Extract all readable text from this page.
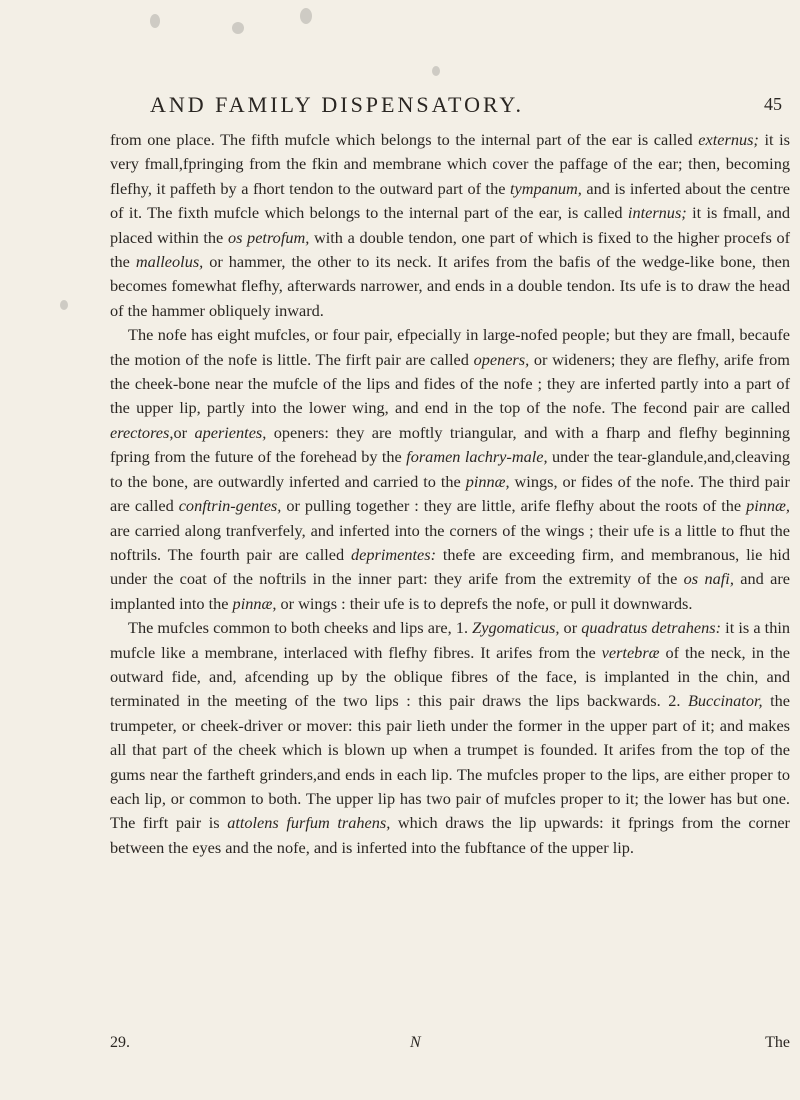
AND FAMILY DISPENSATORY.	45

from one place. The fifth mufcle which belongs to the internal part of the ear is called externus; it is very fmall,fpringing from the fkin and membrane which cover the paffage of the ear; then, becoming flefhy, it paffeth by a fhort tendon to the outward part of the tympanum, and is inferted about the centre of it. The fixth mufcle which belongs to the internal part of the ear, is called internus; it is fmall, and placed within the os petrofum, with a double tendon, one part of which is fixed to the higher procefs of the malleolus, or hammer, the other to its neck. It arifes from the bafis of the wedge-like bone, then becomes fomewhat flefhy, afterwards narrower, and ends in a double tendon. Its ufe is to draw the head of the hammer obliquely inward.

The nofe has eight mufcles, or four pair, efpecially in large-nofed people; but they are fmall, becaufe the motion of the nofe is little. The firft pair are called openers, or wideners; they are flefhy, arife from the cheek-bone near the mufcle of the lips and fides of the nofe ; they are inferted partly into a part of the upper lip, partly into the lower wing, and end in the top of the nofe. The fecond pair are called erectores,or aperientes, openers: they are moftly triangular, and with a fharp and flefhy beginning fpring from the future of the forehead by the foramen lachry-male, under the tear-glandule,and,cleaving to the bone, are outwardly inferted and carried to the pinnæ, wings, or fides of the nofe. The third pair are called conftrin-gentes, or pulling together : they are little, arife flefhy about the roots of the pinnæ, are carried along tranfverfely, and inferted into the corners of the wings ; their ufe is a little to fhut the noftrils. The fourth pair are called deprimentes: thefe are exceeding firm, and membranous, lie hid under the coat of the noftrils in the inner part: they arife from the extremity of the os nafi, and are implanted into the pinnæ, or wings : their ufe is to deprefs the nofe, or pull it downwards.

The mufcles common to both cheeks and lips are, 1. Zygomaticus, or quadratus detrahens: it is a thin mufcle like a membrane, interlaced with flefhy fibres. It arifes from the vertebræ of the neck, in the outward fide, and, afcending up by the oblique fibres of the face, is implanted in the chin, and terminated in the meeting of the two lips : this pair draws the lips backwards. 2. Buccinator, the trumpeter, or cheek-driver or mover: this pair lieth under the former in the upper part of it; and makes all that part of the cheek which is blown up when a trumpet is founded. It arifes from the top of the gums near the fartheft grinders,and ends in each lip. The mufcles proper to the lips, are either proper to each lip, or common to both. The upper lip has two pair of mufcles proper to it; the lower has but one. The firft pair is attolens furfum trahens, which draws the lip upwards: it fprings from the corner between the eyes and the nofe, and is inferted into the fubftance of the upper lip.

29.	N	The
